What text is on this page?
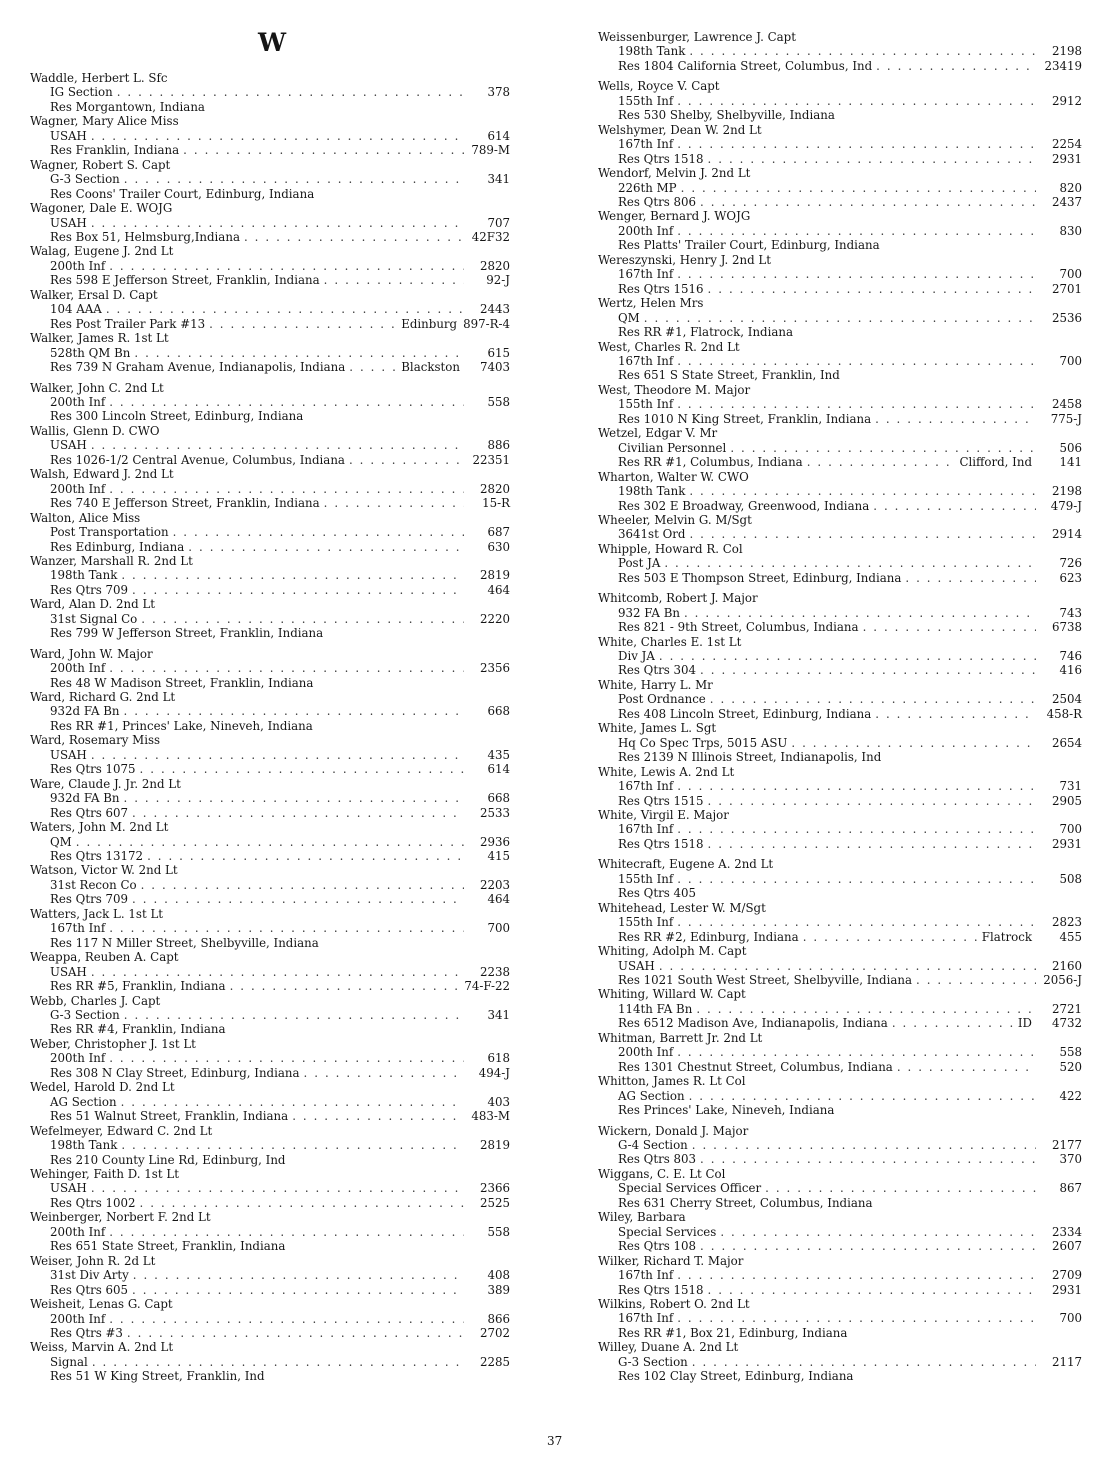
W
Waddle, Herbert L. Sfc
IG Section . . .	378
Res Morgantown, Indiana
Wagner, Mary Alice Miss
USAH . . .	614
Res Franklin, Indiana . . .	789-M
Wagner, Robert S. Capt
G-3 Section . . .	341
Res Coons' Trailer Court, Edinburg, Indiana
Wagoner, Dale E. WOJG
USAH . . .	707
Res Box 51, Helmsburg,Indiana . . .	42F32
Walag, Eugene J. 2nd Lt
200th Inf . . .	2820
Res 598 E Jefferson Street, Franklin, Indiana . . .	92-J
Walker, Ersal D. Capt
104 AAA . . .	2443
Res Post Trailer Park #13 . . .	Edinburg 897-R-4
Walker, James R. 1st Lt
528th QM Bn . . .	615
Res 739 N Graham Avenue, Indianapolis, Indiana . . .	Blackston	7403
Walker, John C. 2nd Lt
200th Inf . . .	558
Res 300 Lincoln Street, Edinburg, Indiana
Wallis, Glenn D. CWO
USAH . . .	886
Res 1026-1/2 Central Avenue, Columbus, Indiana . . .	22351
Walsh, Edward J. 2nd Lt
200th Inf . . .	2820
Res 740 E Jefferson Street, Franklin, Indiana . . .	15-R
Walton, Alice Miss
Post Transportation . . .	687
Res Edinburg, Indiana . . .	630
Wanzer, Marshall R. 2nd Lt
198th Tank . . .	2819
Res Qtrs 709 . . .	464
Ward, Alan D. 2nd Lt
31st Signal Co . . .	2220
Res 799 W Jefferson Street, Franklin, Indiana
Ward, John W. Major
200th Inf . . .	2356
Res 48 W Madison Street, Franklin, Indiana
Ward, Richard G. 2nd Lt
932d FA Bn . . .	668
Res RR #1, Princes' Lake, Nineveh, Indiana
Ward, Rosemary Miss
USAH . . .	435
Res Qtrs 1075 . . .	614
Ware, Claude J. Jr. 2nd Lt
932d FA Bn . . .	668
Res Qtrs 607 . . .	2533
Waters, John M. 2nd Lt
QM . . .	2936
Res Qtrs 13172 . . .	415
Watson, Victor W. 2nd Lt
31st Recon Co . . .	2203
Res Qtrs 709 . . .	464
Watters, Jack L. 1st Lt
167th Inf . . .	700
Res 117 N Miller Street, Shelbyville, Indiana
Weappa, Reuben A. Capt
USAH . . .	2238
Res RR #5, Franklin, Indiana . . .	74-F-22
Webb, Charles J. Capt
G-3 Section . . .	341
Res RR #4, Franklin, Indiana
Weber, Christopher J. 1st Lt
200th Inf . . .	618
Res 308 N Clay Street, Edinburg, Indiana . . .	494-J
Wedel, Harold D. 2nd Lt
AG Section . . .	403
Res 51 Walnut Street, Franklin, Indiana . . .	483-M
Wefelmeyer, Edward C. 2nd Lt
198th Tank . . .	2819
Res 210 County Line Rd, Edinburg, Ind
Wehinger, Faith D. 1st Lt
USAH . . .	2366
Res Qtrs 1002 . . .	2525
Weinberger, Norbert F. 2nd Lt
200th Inf . . .	558
Res 651 State Street, Franklin, Indiana
Weiser, John R. 2d Lt
31st Div Arty . . .	408
Res Qtrs 605 . . .	389
Weisheit, Lenas G. Capt
200th Inf . . .	866
Res Qtrs #3 . . .	2702
Weiss, Marvin A. 2nd Lt
Signal . . .	2285
Res 51 W King Street, Franklin, Ind
Weissenburger, Lawrence J. Capt
198th Tank . . .	2198
Res 1804 California Street, Columbus, Ind . . .	23419
Wells, Royce V. Capt
155th Inf . . .	2912
Res 530 Shelby, Shelbyville, Indiana
Welshymer, Dean W. 2nd Lt
167th Inf . . .	2254
Res Qtrs 1518 . . .	2931
Wendorf, Melvin J. 2nd Lt
226th MP . . .	820
Res Qtrs 806 . . .	2437
Wenger, Bernard J. WOJG
200th Inf . . .	830
Res Platts' Trailer Court, Edinburg, Indiana
Wereszynski, Henry J. 2nd Lt
167th Inf . . .	700
Res Qtrs 1516 . . .	2701
Wertz, Helen Mrs
QM . . .	2536
Res RR #1, Flatrock, Indiana
West, Charles R. 2nd Lt
167th Inf . . .	700
Res 651 S State Street, Franklin, Ind
West, Theodore M. Major
155th Inf . . .	2458
Res 1010 N King Street, Franklin, Indiana . . .	775-J
Wetzel, Edgar V. Mr
Civilian Personnel . . .	506
Res RR #1, Columbus, Indiana . . .	Clifford, Ind	141
Wharton, Walter W. CWO
198th Tank . . .	2198
Res 302 E Broadway, Greenwood, Indiana . . .	479-J
Wheeler, Melvin G. M/Sgt
3641st Ord . . .	2914
Whipple, Howard R. Col
Post JA . . .	726
Res 503 E Thompson Street, Edinburg, Indiana . . .	623
Whitcomb, Robert J. Major
932 FA Bn . . .	743
Res 821 - 9th Street, Columbus, Indiana . . .	6738
White, Charles E. 1st Lt
Div JA . . .	746
Res Qtrs 304 . . .	416
White, Harry L. Mr
Post Ordnance . . .	2504
Res 408 Lincoln Street, Edinburg, Indiana . . .	458-R
White, James L. Sgt
Hq Co Spec Trps, 5015 ASU . . .	2654
Res 2139 N Illinois Street, Indianapolis, Ind
White, Lewis A. 2nd Lt
167th Inf . . .	731
Res Qtrs 1515 . . .	2905
White, Virgil E. Major
167th Inf . . .	700
Res Qtrs 1518 . . .	2931
Whitecraft, Eugene A. 2nd Lt
155th Inf . . .	508
Res Qtrs 405
Whitehead, Lester W. M/Sgt
155th Inf . . .	2823
Res RR #2, Edinburg, Indiana . . .	Flatrock	455
Whiting, Adolph M. Capt
USAH . . .	2160
Res 1021 South West Street, Shelbyville, Indiana . . .	2056-J
Whiting, Willard W. Capt
114th FA Bn . . .	2721
Res 6512 Madison Ave, Indianapolis, Indiana . . .	ID	4732
Whitman, Barrett Jr. 2nd Lt
200th Inf . . .	558
Res 1301 Chestnut Street, Columbus, Indiana . . .	520
Whitton, James R. Lt Col
AG Section . . .	422
Res Princes' Lake, Nineveh, Indiana
Wickern, Donald J. Major
G-4 Section . . .	2177
Res Qtrs 803 . . .	370
Wiggans, C. E. Lt Col
Special Services Officer . . .	867
Res 631 Cherry Street, Columbus, Indiana
Wiley, Barbara
Special Services . . .	2334
Res Qtrs 108 . . .	2607
Wilker, Richard T. Major
167th Inf . . .	2709
Res Qtrs 1518 . . .	2931
Wilkins, Robert O. 2nd Lt
167th Inf . . .	700
Res RR #1, Box 21, Edinburg, Indiana
Willey, Duane A. 2nd Lt
G-3 Section . . .	2117
Res 102 Clay Street, Edinburg, Indiana
37
